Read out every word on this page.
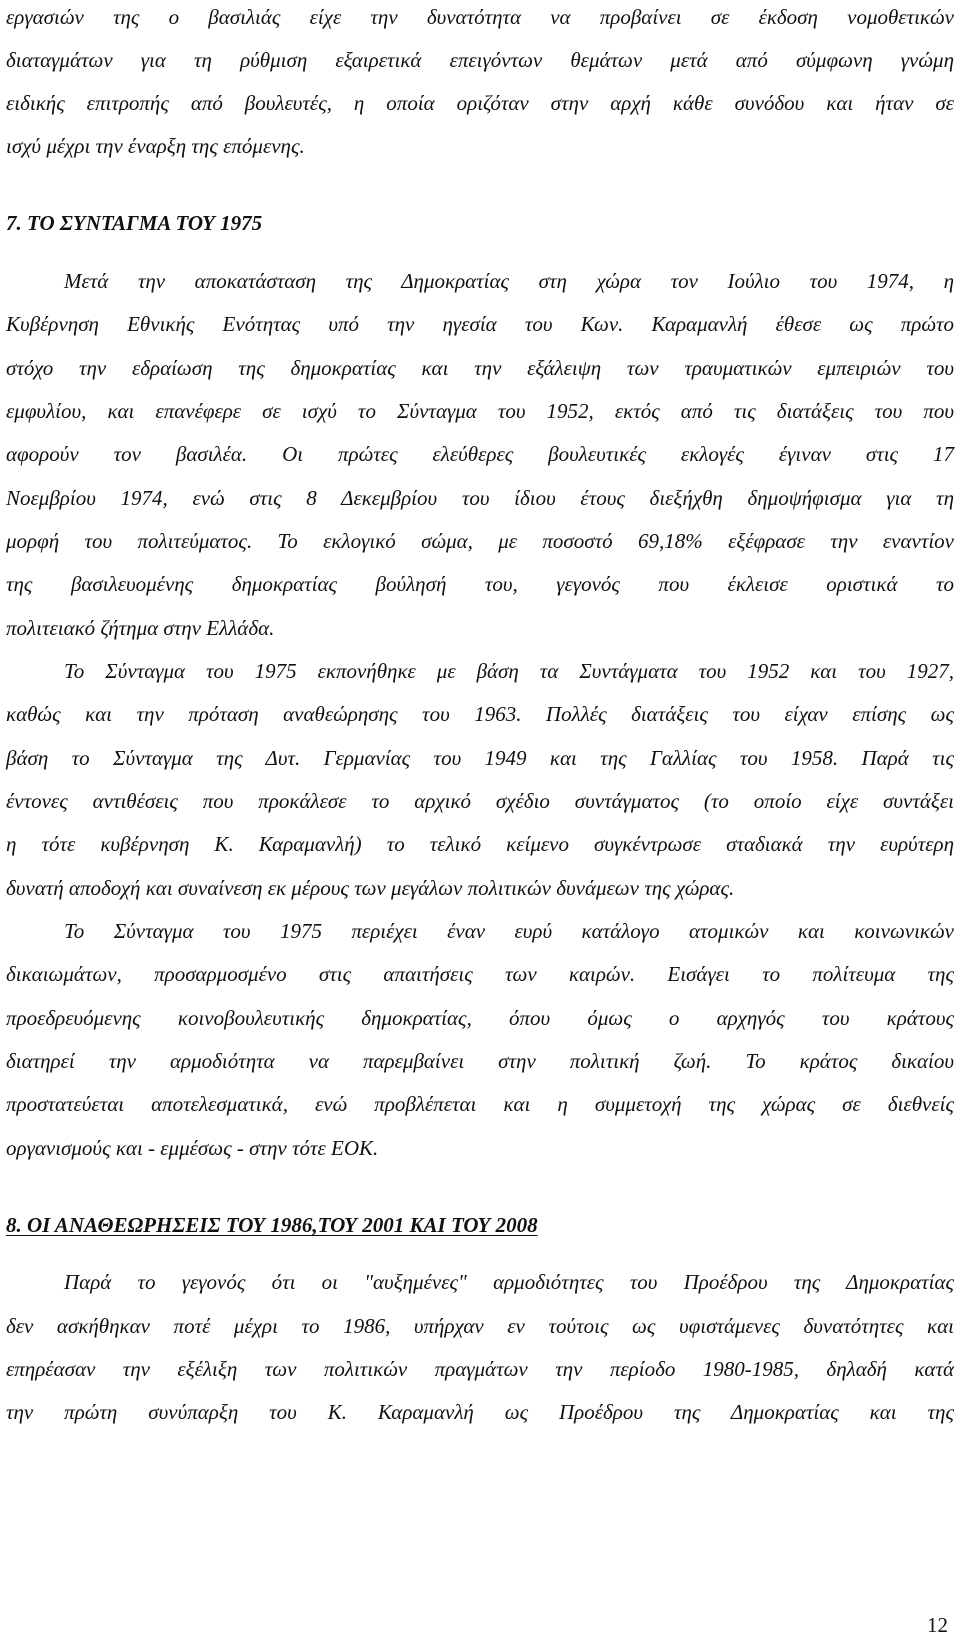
εργασιών της ο βασιλιάς είχε την δυνατότητα να προβαίνει σε έκδοση νομοθετικών

διαταγμάτων για τη ρύθμιση εξαιρετικά επειγόντων θεμάτων μετά από σύμφωνη γνώμη

ειδικής επιτροπής από βουλευτές, η οποία οριζόταν στην αρχή κάθε συνόδου και ήταν σε

ισχύ μέχρι την έναρξη της επόμενης.

7. ΤΟ ΣΥΝΤΑΓΜΑ ΤΟΥ 1975

Μετά την αποκατάσταση της Δημοκρατίας στη χώρα τον Ιούλιο του 1974, η

Κυβέρνηση Εθνικής Ενότητας υπό την ηγεσία του Κων. Καραμανλή έθεσε ως πρώτο

στόχο την εδραίωση της δημοκρατίας και την εξάλειψη των τραυματικών εμπειριών του

εμφυλίου, και επανέφερε σε ισχύ το Σύνταγμα του 1952, εκτός από τις διατάξεις του που

αφορούν τον βασιλέα. Οι πρώτες ελεύθερες βουλευτικές εκλογές έγιναν στις 17

Νοεμβρίου 1974, ενώ στις 8 Δεκεμβρίου του ίδιου έτους διεξήχθη δημοψήφισμα για τη

μορφή του πολιτεύματος. Το εκλογικό σώμα, με ποσοστό 69,18% εξέφρασε την εναντίον

της βασιλευομένης δημοκρατίας βούλησή του, γεγονός που έκλεισε οριστικά το

πολιτειακό ζήτημα στην Ελλάδα.

Το Σύνταγμα του 1975 εκπονήθηκε με βάση τα Συντάγματα του 1952 και του 1927,

καθώς και την πρόταση αναθεώρησης του 1963. Πολλές διατάξεις του είχαν επίσης ως

βάση το Σύνταγμα της Δυτ. Γερμανίας του 1949 και της Γαλλίας του 1958. Παρά τις

έντονες αντιθέσεις που προκάλεσε το αρχικό σχέδιο συντάγματος (το οποίο είχε συντάξει

η τότε κυβέρνηση Κ. Καραμανλή) το τελικό κείμενο συγκέντρωσε σταδιακά την ευρύτερη

δυνατή αποδοχή και συναίνεση εκ μέρους των μεγάλων πολιτικών δυνάμεων της χώρας.

Το Σύνταγμα του 1975 περιέχει έναν ευρύ κατάλογο ατομικών και κοινωνικών

δικαιωμάτων, προσαρμοσμένο στις απαιτήσεις των καιρών. Εισάγει το πολίτευμα της

προεδρευόμενης κοινοβουλευτικής δημοκρατίας, όπου όμως ο αρχηγός του κράτους

διατηρεί την αρμοδιότητα να παρεμβαίνει στην πολιτική ζωή. Το κράτος δικαίου

προστατεύεται αποτελεσματικά, ενώ προβλέπεται και η συμμετοχή της χώρας σε διεθνείς

οργανισμούς και - εμμέσως - στην τότε ΕΟΚ.

8. ΟΙ ΑΝΑΘΕΩΡΗΣΕΙΣ ΤΟΥ 1986,ΤΟΥ 2001 ΚΑΙ ΤΟΥ 2008

Παρά το γεγονός ότι οι "αυξημένες" αρμοδιότητες του Προέδρου της Δημοκρατίας

δεν ασκήθηκαν ποτέ μέχρι το 1986, υπήρχαν εν τούτοις ως υφιστάμενες δυνατότητες και

επηρέασαν την εξέλιξη των πολιτικών πραγμάτων την περίοδο 1980-1985, δηλαδή κατά

την πρώτη συνύπαρξη του Κ. Καραμανλή ως Προέδρου της Δημοκρατίας και της

12
